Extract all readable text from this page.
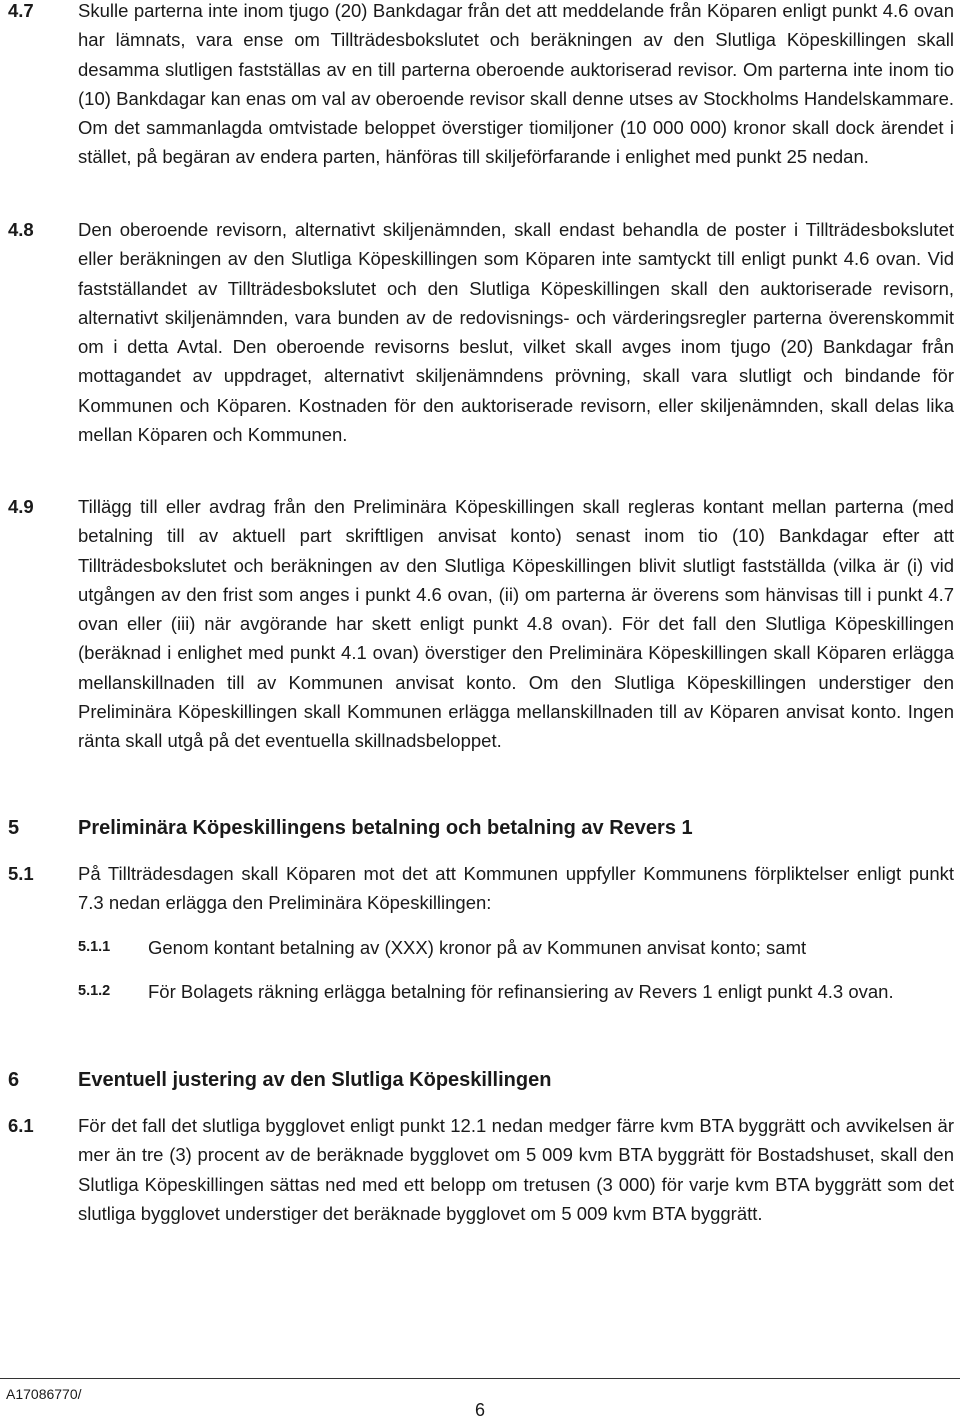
4.7 Skulle parterna inte inom tjugo (20) Bankdagar från det att meddelande från Köparen enligt punkt 4.6 ovan har lämnats, vara ense om Tillträdesbokslutet och beräkningen av den Slutliga Köpeskillingen skall desamma slutligen fastställas av en till parterna oberoende auktoriserad revisor. Om parterna inte inom tio (10) Bankdagar kan enas om val av oberoende revisor skall denne utses av Stockholms Handelskammare. Om det sammanlagda omtvistade beloppet överstiger tiomiljoner (10 000 000) kronor skall dock ärendet i stället, på begäran av endera parten, hänföras till skiljeförfarande i enlighet med punkt 25 nedan.
4.8 Den oberoende revisorn, alternativt skiljenämnden, skall endast behandla de poster i Tillträdesbokslutet eller beräkningen av den Slutliga Köpeskillingen som Köparen inte samtyckt till enligt punkt 4.6 ovan. Vid fastställandet av Tillträdesbokslutet och den Slutliga Köpeskillingen skall den auktoriserade revisorn, alternativt skiljenämnden, vara bunden av de redovisnings- och värderingsregler parterna överenskommit om i detta Avtal. Den oberoende revisorns beslut, vilket skall avges inom tjugo (20) Bankdagar från mottagandet av uppdraget, alternativt skiljenämndens prövning, skall vara slutligt och bindande för Kommunen och Köparen. Kostnaden för den auktoriserade revisorn, eller skiljenämnden, skall delas lika mellan Köparen och Kommunen.
4.9 Tillägg till eller avdrag från den Preliminära Köpeskillingen skall regleras kontant mellan parterna (med betalning till av aktuell part skriftligen anvisat konto) senast inom tio (10) Bankdagar efter att Tillträdesbokslutet och beräkningen av den Slutliga Köpeskillingen blivit slutligt fastställda (vilka är (i) vid utgången av den frist som anges i punkt 4.6 ovan, (ii) om parterna är överens som hänvisas till i punkt 4.7 ovan eller (iii) när avgörande har skett enligt punkt 4.8 ovan). För det fall den Slutliga Köpeskillingen (beräknad i enlighet med punkt 4.1 ovan) överstiger den Preliminära Köpeskillingen skall Köparen erlägga mellanskillnaden till av Kommunen anvisat konto. Om den Slutliga Köpeskillingen understiger den Preliminära Köpeskillingen skall Kommunen erlägga mellanskillnaden till av Köparen anvisat konto. Ingen ränta skall utgå på det eventuella skillnadsbeloppet.
5	Preliminära Köpeskillingens betalning och betalning av Revers 1
5.1 På Tillträdesdagen skall Köparen mot det att Kommunen uppfyller Kommunens förpliktelser enligt punkt 7.3 nedan erlägga den Preliminära Köpeskillingen:
5.1.1 Genom kontant betalning av (XXX) kronor på av Kommunen anvisat konto; samt
5.1.2 För Bolagets räkning erlägga betalning för refinansiering av Revers 1 enligt punkt 4.3 ovan.
6	Eventuell justering av den Slutliga Köpeskillingen
6.1 För det fall det slutliga bygglovet enligt punkt 12.1 nedan medger färre kvm BTA byggrätt och avvikelsen är mer än tre (3) procent av de beräknade bygglovet om 5 009 kvm BTA byggrätt för Bostadshuset, skall den Slutliga Köpeskillingen sättas ned med ett belopp om tretusen (3 000) för varje kvm BTA byggrätt som det slutliga bygglovet understiger det beräknade bygglovet om 5 009 kvm BTA byggrätt.
A17086770/
6
